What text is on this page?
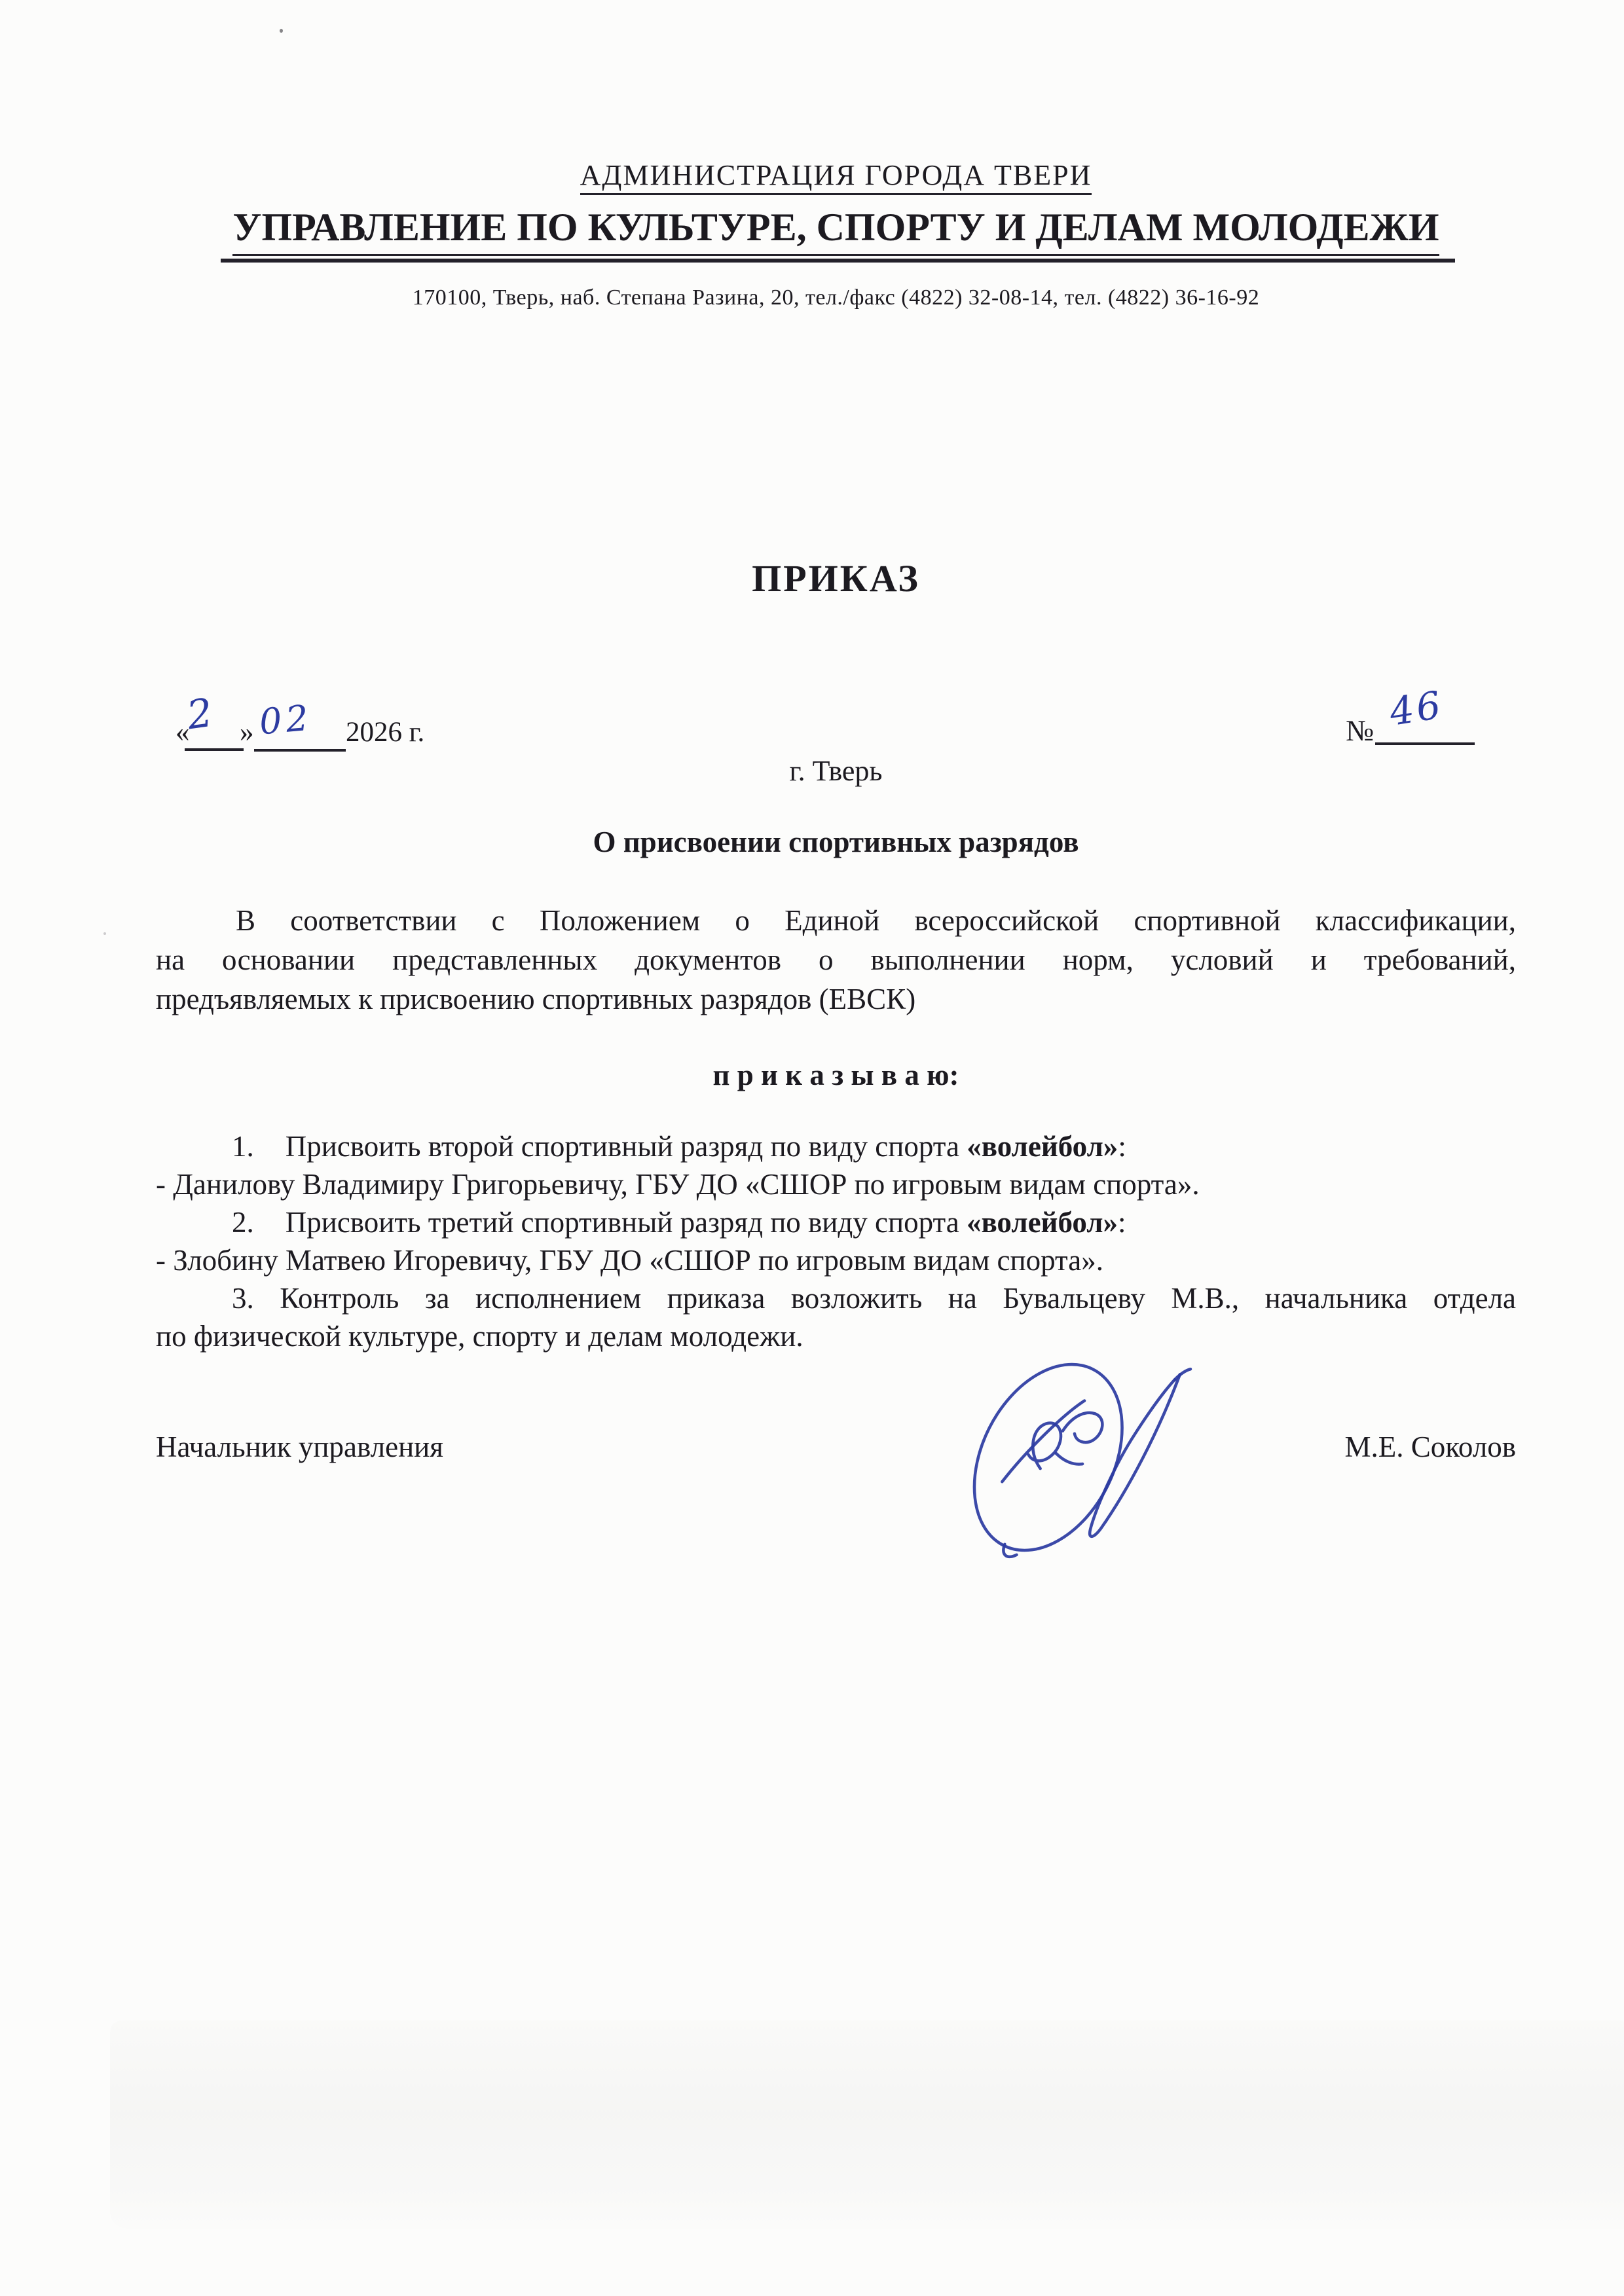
АДМИНИСТРАЦИЯ ГОРОДА ТВЕРИ
УПРАВЛЕНИЕ ПО КУЛЬТУРЕ, СПОРТУ И ДЕЛАМ МОЛОДЕЖИ
170100, Тверь, наб. Степана Разина, 20, тел./факс (4822) 32-08-14, тел. (4822) 36-16-92
ПРИКАЗ
«
2 » 02 2026 г.	№ 46
г. Тверь
О присвоении спортивных разрядов
В соответствии с Положением о Единой всероссийской спортивной классификации,
на основании представленных документов о выполнении норм, условий и требований,
предъявляемых к присвоению спортивных разрядов (ЕВСК)
п р и к а з ы в а ю:
1. Присвоить второй спортивный разряд по виду спорта «волейбол»:
- Данилову Владимиру Григорьевичу, ГБУ ДО «СШОР по игровым видам спорта».
2. Присвоить третий спортивный разряд по виду спорта «волейбол»:
- Злобину Матвею Игоревичу, ГБУ ДО «СШОР по игровым видам спорта».
3. Контроль за исполнением приказа возложить на Бувальцеву М.В., начальника отдела
по физической культуре, спорту и делам молодежи.
Начальник управления	М.Е. Соколов
